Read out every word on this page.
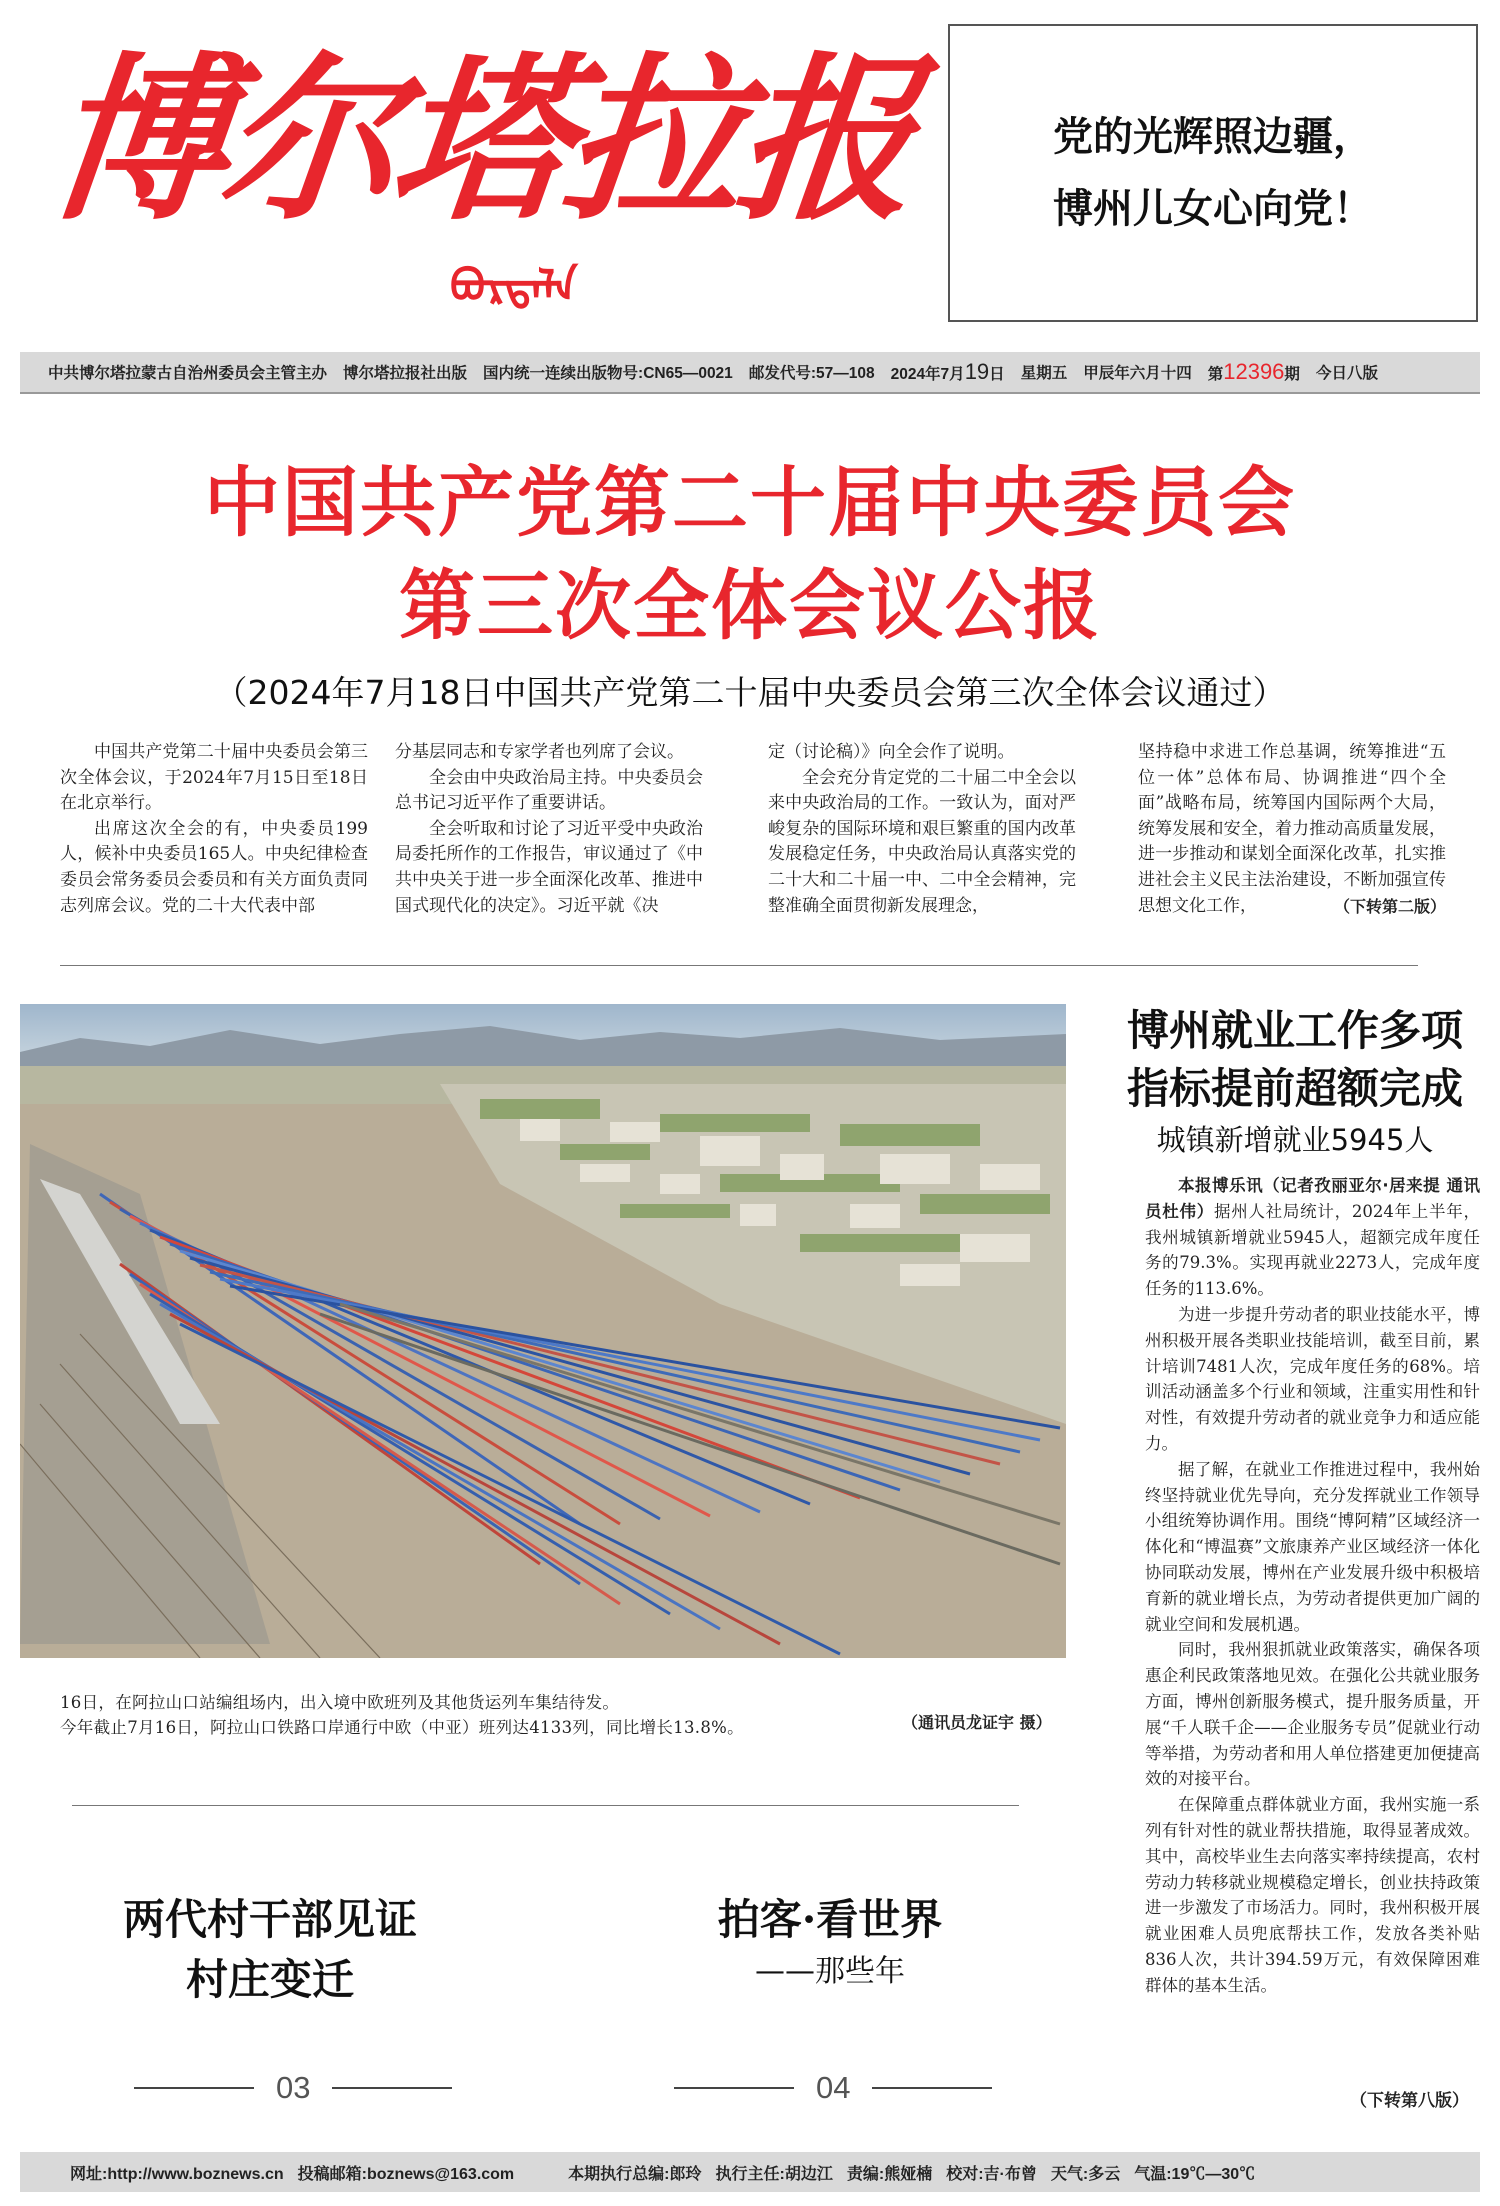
博尔塔拉报
ᠪᠣᠷᠲᠠᠯᠠ
党的光辉照边疆，
博州儿女心向党！
中共博尔塔拉蒙古自治州委员会主管主办 博尔塔拉报社出版 国内统一连续出版物号:CN65—0021 邮发代号:57—108 2024年7月19日 星期五 甲辰年六月十四 第12396期 今日八版
中国共产党第二十届中央委员会
第三次全体会议公报
（2024年7月18日中国共产党第二十届中央委员会第三次全体会议通过）

中国共产党第二十届中央委员会第三次全体会议，于2024年7月15日至18日在北京举行。

出席这次全会的有，中央委员199人，候补中央委员165人。中央纪律检查委员会常务委员会委员和有关方面负责同志列席会议。党的二十大代表中部

分基层同志和专家学者也列席了会议。

全会由中央政治局主持。中央委员会总书记习近平作了重要讲话。

全会听取和讨论了习近平受中央政治局委托所作的工作报告，审议通过了《中共中央关于进一步全面深化改革、推进中国式现代化的决定》。习近平就《决

定（讨论稿）》向全会作了说明。

全会充分肯定党的二十届二中全会以来中央政治局的工作。一致认为，面对严峻复杂的国际环境和艰巨繁重的国内改革发展稳定任务，中央政治局认真落实党的二十大和二十届一中、二中全会精神，完整准确全面贯彻新发展理念，

坚持稳中求进工作总基调，统筹推进“五位一体”总体布局、协调推进“四个全面”战略布局，统筹国内国际两个大局，统筹发展和安全，着力推动高质量发展，进一步推动和谋划全面深化改革，扎实推进社会主义民主法治建设，不断加强宣传思想文化工作，	（下转第二版）
16日，在阿拉山口站编组场内，出入境中欧班列及其他货运列车集结待发。
今年截止7月16日，阿拉山口铁路口岸通行中欧（中亚）班列达4133列，同比增长13.8%。	（通讯员龙证宇 摄）
博州就业工作多项
指标提前超额完成
城镇新增就业5945人

本报博乐讯（记者孜丽亚尔·居来提 通讯员杜伟）据州人社局统计，2024年上半年，我州城镇新增就业5945人，超额完成年度任务的79.3%。实现再就业2273人，完成年度任务的113.6%。

为进一步提升劳动者的职业技能水平，博州积极开展各类职业技能培训，截至目前，累计培训7481人次，完成年度任务的68%。培训活动涵盖多个行业和领域，注重实用性和针对性，有效提升劳动者的就业竞争力和适应能力。

据了解，在就业工作推进过程中，我州始终坚持就业优先导向，充分发挥就业工作领导小组统筹协调作用。围绕“博阿精”区域经济一体化和“博温赛”文旅康养产业区域经济一体化协同联动发展，博州在产业发展升级中积极培育新的就业增长点，为劳动者提供更加广阔的就业空间和发展机遇。

同时，我州狠抓就业政策落实，确保各项惠企利民政策落地见效。在强化公共就业服务方面，博州创新服务模式，提升服务质量，开展“千人联千企——企业服务专员”促就业行动等举措，为劳动者和用人单位搭建更加便捷高效的对接平台。

在保障重点群体就业方面，我州实施一系列有针对性的就业帮扶措施，取得显著成效。其中，高校毕业生去向落实率持续提高，农村劳动力转移就业规模稳定增长，创业扶持政策进一步激发了市场活力。同时，我州积极开展就业困难人员兜底帮扶工作，发放各类补贴836人次，共计394.59万元，有效保障困难群体的基本生活。

（下转第八版）
两代村干部见证
村庄变迁
03
拍客·看世界
——那些年
04
网址:http://www.boznews.cn 投稿邮箱:boznews@163.com	本期执行总编:郎玲 执行主任:胡边江 责编:熊娅楠 校对:吉·布曾 天气:多云 气温:19℃—30℃
